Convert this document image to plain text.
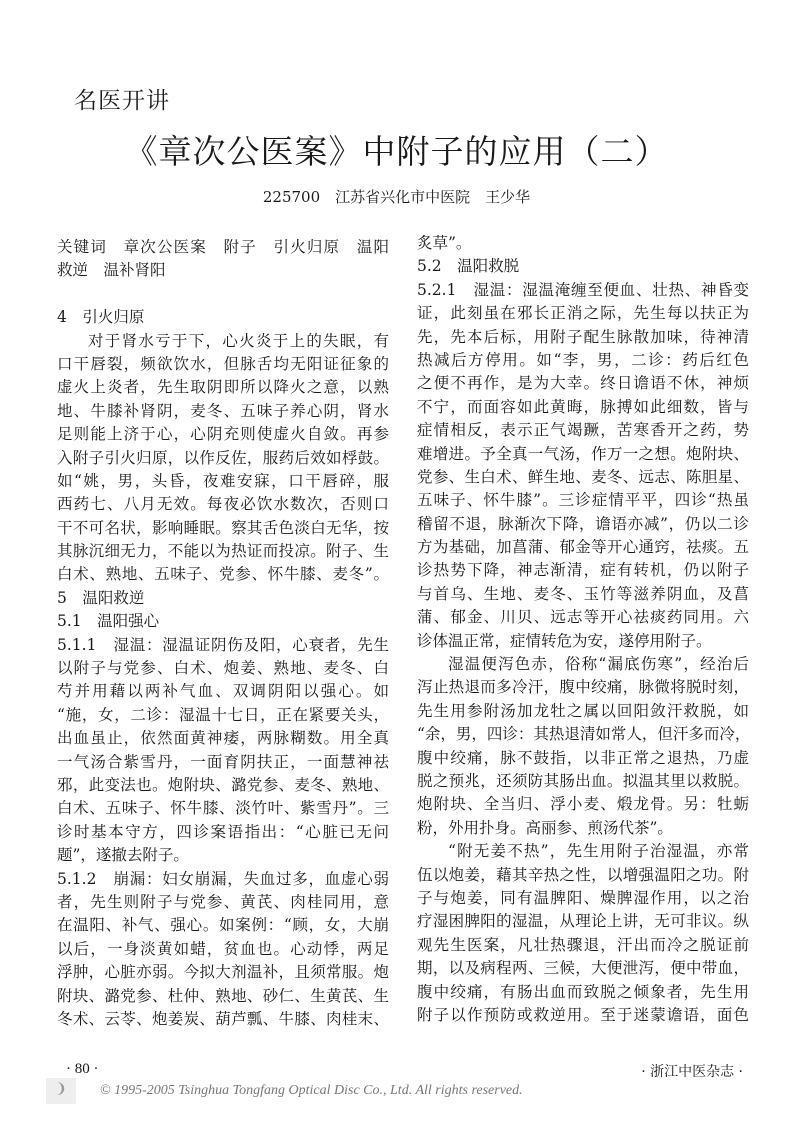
名医开讲
《章次公医案》中附子的应用（二）
225700　江苏省兴化市中医院　王少华
关键词　章次公医案　附子　引火归原　温阳
救逆　温补肾阳
4　引火归原
对于肾水亏于下，心火炎于上的失眠，有
口干唇裂，频欲饮水，但脉舌均无阳证征象的
虚火上炎者，先生取阴即所以降火之意，以熟
地、牛膝补肾阴，麦冬、五味子养心阴，肾水
足则能上济于心，心阴充则使虚火自敛。再参
入附子引火归原，以作反佐，服药后效如桴鼓。
如“姚，男，头昏，夜难安寐，口干唇碎，服
西药七、八月无效。每夜必饮水数次，否则口
干不可名状，影响睡眠。察其舌色淡白无华，按
其脉沉细无力，不能以为热证而投凉。附子、生
白术、熟地、五味子、党参、怀牛膝、麦冬”。
5　温阳救逆
5.1　温阳强心
5.1.1　湿温：湿温证阴伤及阳，心衰者，先生
以附子与党参、白术、炮姜、熟地、麦冬、白
芍并用藉以两补气血、双调阴阳以强心。如
“施，女，二诊：湿温十七日，正在紧要关头，
出血虽止，依然面黄神痿，两脉糊数。用全真
一气汤合紫雪丹，一面育阴扶正，一面慧神祛
邪，此变法也。炮附块、潞党参、麦冬、熟地、
白术、五味子、怀牛膝、淡竹叶、紫雪丹”。三
诊时基本守方，四诊案语指出：“心脏已无问
题”，遂撤去附子。
5.1.2　崩漏：妇女崩漏，失血过多，血虚心弱
者，先生则附子与党参、黄芪、肉桂同用，意
在温阳、补气、强心。如案例：“顾，女，大崩
以后，一身淡黄如蜡，贫血也。心动悸，两足
浮肿，心脏亦弱。今拟大剂温补，且须常服。炮
附块、潞党参、杜仲、熟地、砂仁、生黄芪、生
冬术、云苓、炮姜炭、葫芦瓢、牛膝、肉桂末、
炙草”。
5.2　温阳救脱
5.2.1　湿温：湿温淹缠至便血、壮热、神昏变
证，此刻虽在邪长正消之际，先生每以扶正为
先，先本后标，用附子配生脉散加味，待神清
热减后方停用。如“李，男，二诊：药后红色
之便不再作，是为大幸。终日谵语不休，神烦
不宁，而面容如此黄晦，脉搏如此细数，皆与
症情相反，表示正气竭蹶，苦寒香开之药，势
难增进。予全真一气汤，作万一之想。炮附块、
党参、生白术、鲜生地、麦冬、远志、陈胆星、
五味子、怀牛膝”。三诊症情平平，四诊“热虽
稽留不退，脉渐次下降，谵语亦减”，仍以二诊
方为基础，加菖蒲、郁金等开心通窍，祛痰。五
诊热势下降，神志渐清，症有转机，仍以附子
与首乌、生地、麦冬、玉竹等滋养阴血，及菖
蒲、郁金、川贝、远志等开心祛痰药同用。六
诊体温正常，症情转危为安，遂停用附子。
湿温便泻色赤，俗称“漏底伤寒”，经治后
泻止热退而多冷汗，腹中绞痛，脉微将脱时刻，
先生用参附汤加龙牡之属以回阳敛汗救脱，如
“余，男，四诊：其热退清如常人，但汗多而冷，
腹中绞痛，脉不鼓指，以非正常之退热，乃虚
脱之预兆，还须防其肠出血。拟温其里以救脱。
炮附块、全当归、浮小麦、煅龙骨。另：牡蛎
粉，外用扑身。高丽参、煎汤代茶”。
“附无姜不热”，先生用附子治湿温，亦常
伍以炮姜，藉其辛热之性，以增强温阳之功。附
子与炮姜，同有温脾阳、燥脾湿作用，以之治
疗湿困脾阳的湿温，从理论上讲，无可非议。纵
观先生医案，凡壮热骤退，汗出而冷之脱证前
期，以及病程两、三候，大便泄泻，便中带血，
腹中绞痛，有肠出血而致脱之倾象者，先生用
附子以作预防或救逆用。至于迷蒙谵语，面色
· 80 ·	· 浙江中医杂志 ·
❩	© 1995-2005 Tsinghua Tongfang Optical Disc Co., Ltd. All rights reserved.
